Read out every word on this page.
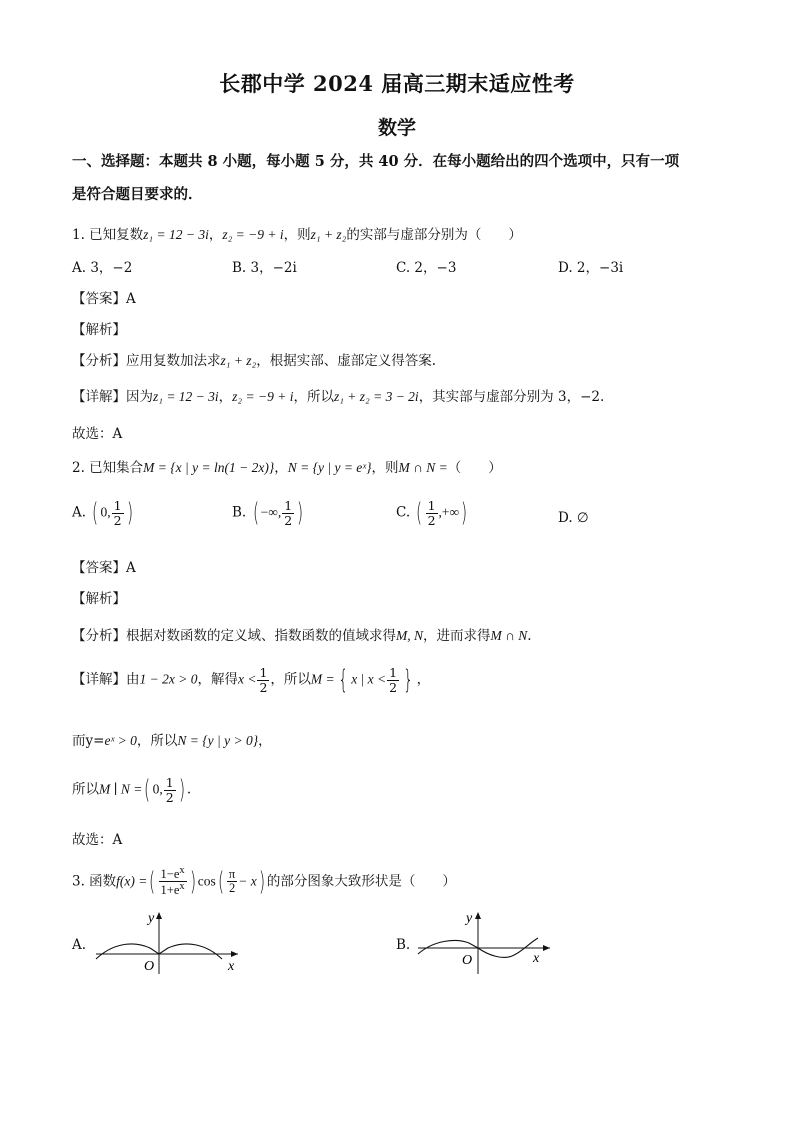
长郡中学 2024 届高三期末适应性考
数学
一、选择题：本题共 8 小题，每小题 5 分，共 40 分．在每小题给出的四个选项中，只有一项
是符合题目要求的．
1. 已知复数z₁ = 12 − 3i，z₂ = −9 + i，则z₁ + z₂的实部与虚部分别为（　　）
A. 3，−2	B. 3，−2i	C. 2，−3	D. 2，−3i
【答案】A
【解析】
【分析】应用复数加法求z₁ + z₂，根据实部、虚部定义得答案.
【详解】因为z₁ = 12 − 3i，z₂ = −9 + i，所以z₁ + z₂ = 3 − 2i，其实部与虚部分别为 3，−2.
故选：A
2. 已知集合M = {x | y = ln(1 − 2x)}，N = {y | y = eˣ}，则M ∩ N =（　　）
A. ( 0, $\frac{1}{2}$ )	B. ( −∞, $\frac{1}{2}$ )	C. ( $\frac{1}{2}$ ,+∞)	D. ∅
【答案】A
【解析】
【分析】根据对数函数的定义域、指数函数的值域求得M, N，进而求得M ∩ N.
【详解】由1 − 2x > 0，解得$x < \frac{1}{2}$ ，所以M = { x | $x < \frac{1}{2}$ } ，
而y=eˣ > 0，所以N = {y | y > 0}，
所以M ∣ N =( 0, $\frac{1}{2}$ ) .
故选：A
3. 函数f(x) =( $\frac{1-e^x}{1+e^x}$ ) $\cos( \frac{\pi}{2} - x)$ 的部分图象大致形状是（　　）
A.
y
O	x
B.
y
O	x
